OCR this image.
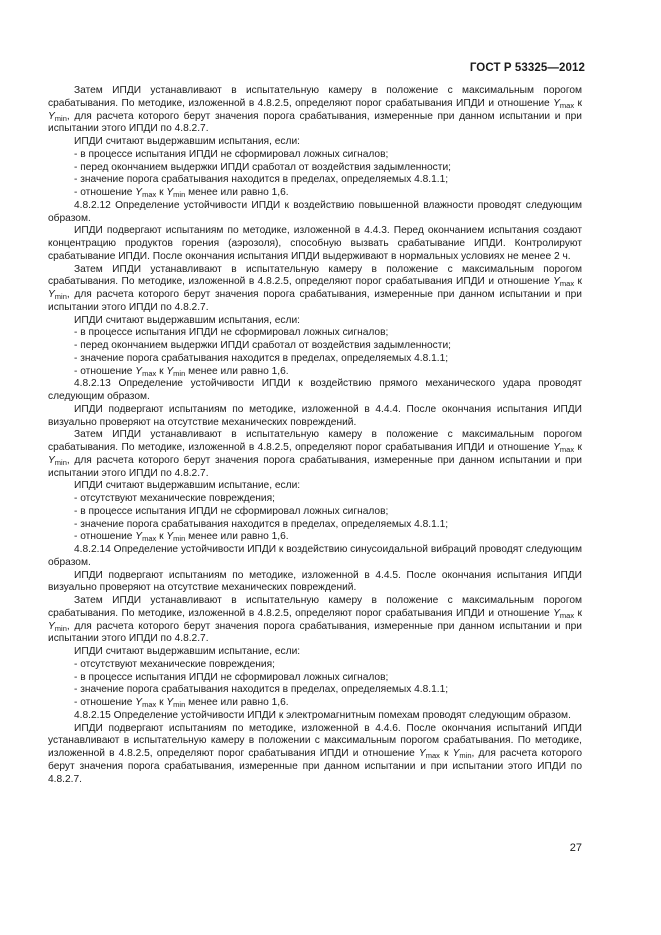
ГОСТ Р 53325—2012
Затем ИПДИ устанавливают в испытательную камеру в положение с максимальным порогом срабатывания. По методике, изложенной в 4.8.2.5, определяют порог срабатывания ИПДИ и отношение $Y_{max}$ к $Y_{min}$, для расчета которого берут значения порога срабатывания, измеренные при данном испытании и при испытании этого ИПДИ по 4.8.2.7.
ИПДИ считают выдержавшим испытания, если:
- в процессе испытания ИПДИ не сформировал ложных сигналов;
- перед окончанием выдержки ИПДИ сработал от воздействия задымленности;
- значение порога срабатывания находится в пределах, определяемых 4.8.1.1;
- отношение $Y_{max}$ к $Y_{min}$ менее или равно 1,6.
4.8.2.12 Определение устойчивости ИПДИ к воздействию повышенной влажности проводят следующим образом.
ИПДИ подвергают испытаниям по методике, изложенной в 4.4.3. Перед окончанием испытания создают концентрацию продуктов горения (аэрозоля), способную вызвать срабатывание ИПДИ. Контролируют срабатывание ИПДИ. После окончания испытания ИПДИ выдерживают в нормальных условиях не менее 2 ч.
Затем ИПДИ устанавливают в испытательную камеру в положение с максимальным порогом срабатывания. По методике, изложенной в 4.8.2.5, определяют порог срабатывания ИПДИ и отношение $Y_{max}$ к $Y_{min}$, для расчета которого берут значения порога срабатывания, измеренные при данном испытании и при испытании этого ИПДИ по 4.8.2.7.
ИПДИ считают выдержавшим испытания, если:
- в процессе испытания ИПДИ не сформировал ложных сигналов;
- перед окончанием выдержки ИПДИ сработал от воздействия задымленности;
- значение порога срабатывания находится в пределах, определяемых 4.8.1.1;
- отношение $Y_{max}$ к $Y_{min}$ менее или равно 1,6.
4.8.2.13 Определение устойчивости ИПДИ к воздействию прямого механического удара проводят следующим образом.
ИПДИ подвергают испытаниям по методике, изложенной в 4.4.4. После окончания испытания ИПДИ визуально проверяют на отсутствие механических повреждений.
Затем ИПДИ устанавливают в испытательную камеру в положение с максимальным порогом срабатывания. По методике, изложенной в 4.8.2.5, определяют порог срабатывания ИПДИ и отношение $Y_{max}$ к $Y_{min}$, для расчета которого берут значения порога срабатывания, измеренные при данном испытании и при испытании этого ИПДИ по 4.8.2.7.
ИПДИ считают выдержавшим испытание, если:
- отсутствуют механические повреждения;
- в процессе испытания ИПДИ не сформировал ложных сигналов;
- значение порога срабатывания находится в пределах, определяемых 4.8.1.1;
- отношение $Y_{max}$ к $Y_{min}$ менее или равно 1,6.
4.8.2.14 Определение устойчивости ИПДИ к воздействию синусоидальной вибраций проводят следующим образом.
ИПДИ подвергают испытаниям по методике, изложенной в 4.4.5. После окончания испытания ИПДИ визуально проверяют на отсутствие механических повреждений.
Затем ИПДИ устанавливают в испытательную камеру в положение с максимальным порогом срабатывания. По методике, изложенной в 4.8.2.5, определяют порог срабатывания ИПДИ и отношение $Y_{max}$ к $Y_{min}$, для расчета которого берут значения порога срабатывания, измеренные при данном испытании и при испытании этого ИПДИ по 4.8.2.7.
ИПДИ считают выдержавшим испытание, если:
- отсутствуют механические повреждения;
- в процессе испытания ИПДИ не сформировал ложных сигналов;
- значение порога срабатывания находится в пределах, определяемых 4.8.1.1;
- отношение $Y_{max}$ к $Y_{min}$ менее или равно 1,6.
4.8.2.15 Определение устойчивости ИПДИ к электромагнитным помехам проводят следующим образом.
ИПДИ подвергают испытаниям по методике, изложенной в 4.4.6. После окончания испытаний ИПДИ устанавливают в испытательную камеру в положении с максимальным порогом срабатывания. По методике, изложенной в 4.8.2.5, определяют порог срабатывания ИПДИ и отношение $Y_{max}$ к $Y_{min}$, для расчета которого берут значения порога срабатывания, измеренные при данном испытании и при испытании этого ИПДИ по 4.8.2.7.
27
